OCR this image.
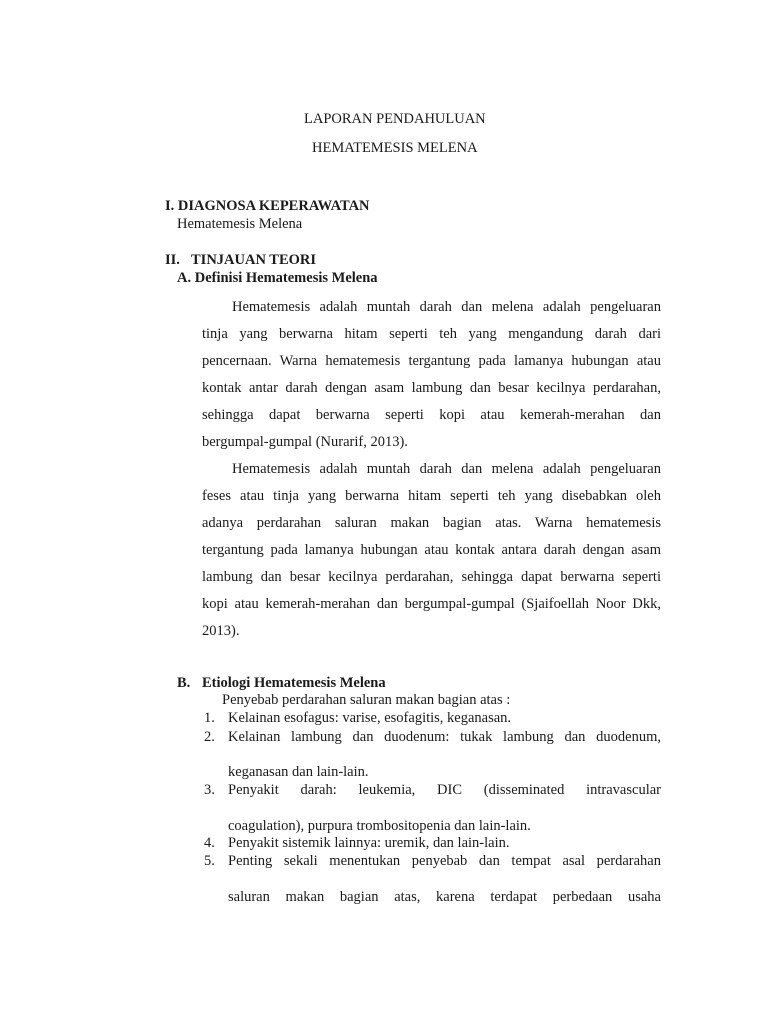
LAPORAN PENDAHULUAN
HEMATEMESIS MELENA
I. DIAGNOSA KEPERAWATAN
Hematemesis Melena
II. TINJAUAN TEORI
A. Definisi Hematemesis Melena
Hematemesis adalah muntah darah dan melena adalah pengeluaran
tinja yang berwarna hitam seperti teh yang mengandung darah dari
pencernaan. Warna hematemesis tergantung pada lamanya hubungan atau
kontak antar darah dengan asam lambung dan besar kecilnya perdarahan,
sehingga dapat berwarna seperti kopi atau kemerah-merahan dan
bergumpal-gumpal (Nurarif, 2013).
Hematemesis adalah muntah darah dan melena adalah pengeluaran
feses atau tinja yang berwarna hitam seperti teh yang disebabkan oleh
adanya perdarahan saluran makan bagian atas. Warna hematemesis
tergantung pada lamanya hubungan atau kontak antara darah dengan asam
lambung dan besar kecilnya perdarahan, sehingga dapat berwarna seperti
kopi atau kemerah-merahan dan bergumpal-gumpal (Sjaifoellah Noor Dkk,
2013).
B. Etiologi Hematemesis Melena
Penyebab perdarahan saluran makan bagian atas :
1. Kelainan esofagus: varise, esofagitis, keganasan.
2. Kelainan lambung dan duodenum: tukak lambung dan duodenum,
keganasan dan lain-lain.
3. Penyakit darah: leukemia, DIC (disseminated intravascular
coagulation), purpura trombositopenia dan lain-lain.
4. Penyakit sistemik lainnya: uremik, dan lain-lain.
5. Penting sekali menentukan penyebab dan tempat asal perdarahan
saluran makan bagian atas, karena terdapat perbedaan usaha
